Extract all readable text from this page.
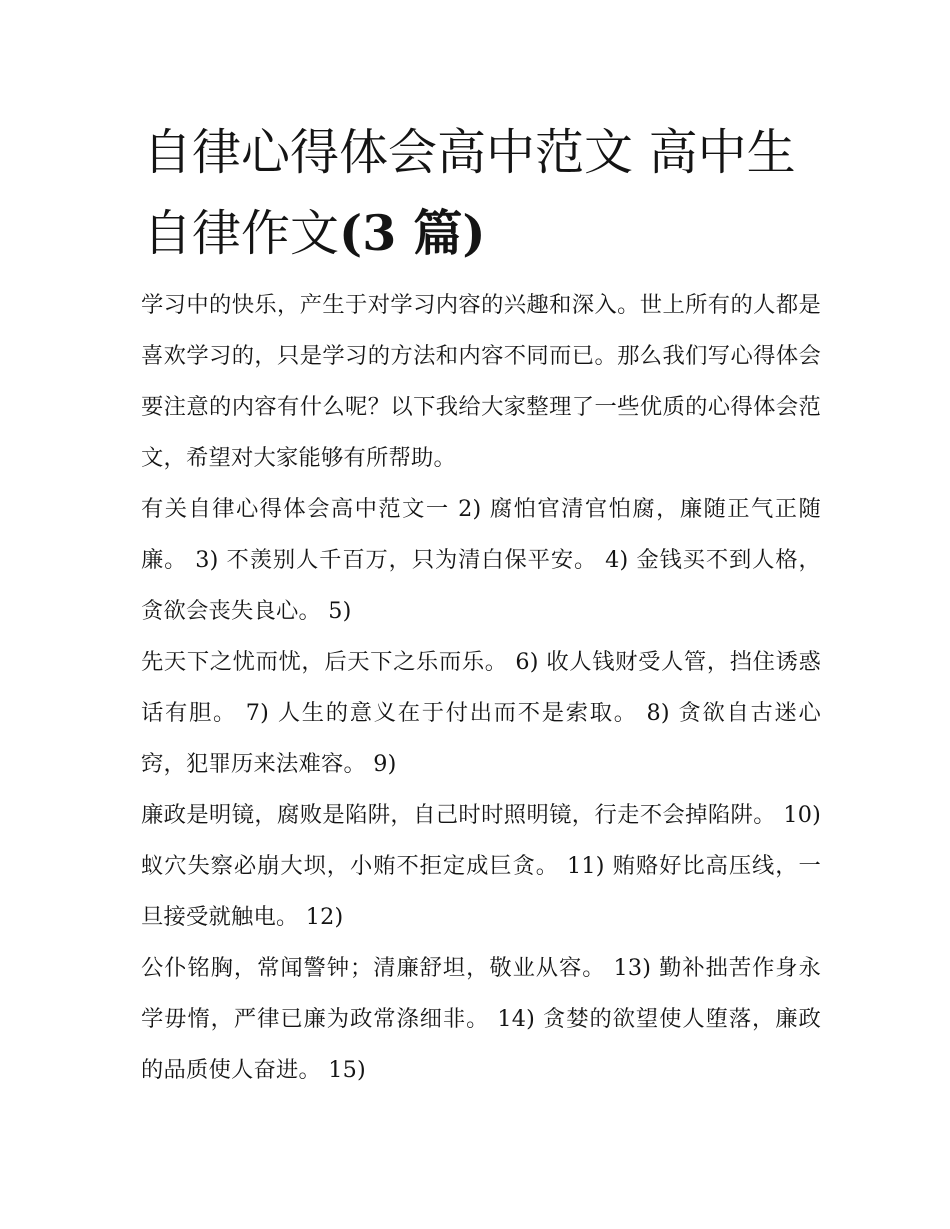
自律心得体会高中范文 高中生自律作文(3 篇)

学习中的快乐，产生于对学习内容的兴趣和深入。世上所有的人都是喜欢学习的，只是学习的方法和内容不同而已。那么我们写心得体会要注意的内容有什么呢？以下我给大家整理了一些优质的心得体会范文，希望对大家能够有所帮助。

有关自律心得体会高中范文一 2) 腐怕官清官怕腐，廉随正气正随廉。 3) 不羡别人千百万，只为清白保平安。 4) 金钱买不到人格，贪欲会丧失良心。 5)

先天下之忧而忧，后天下之乐而乐。 6) 收人钱财受人管，挡住诱惑话有胆。 7) 人生的意义在于付出而不是索取。 8) 贪欲自古迷心窍，犯罪历来法难容。 9)

廉政是明镜，腐败是陷阱，自己时时照明镜，行走不会掉陷阱。 10) 蚁穴失察必崩大坝，小贿不拒定成巨贪。 11) 贿赂好比高压线，一旦接受就触电。 12)

公仆铭胸，常闻警钟；清廉舒坦，敬业从容。 13) 勤补拙苦作身永学毋惰，严律已廉为政常涤细非。 14) 贪婪的欲望使人堕落，廉政的品质使人奋进。 15)
